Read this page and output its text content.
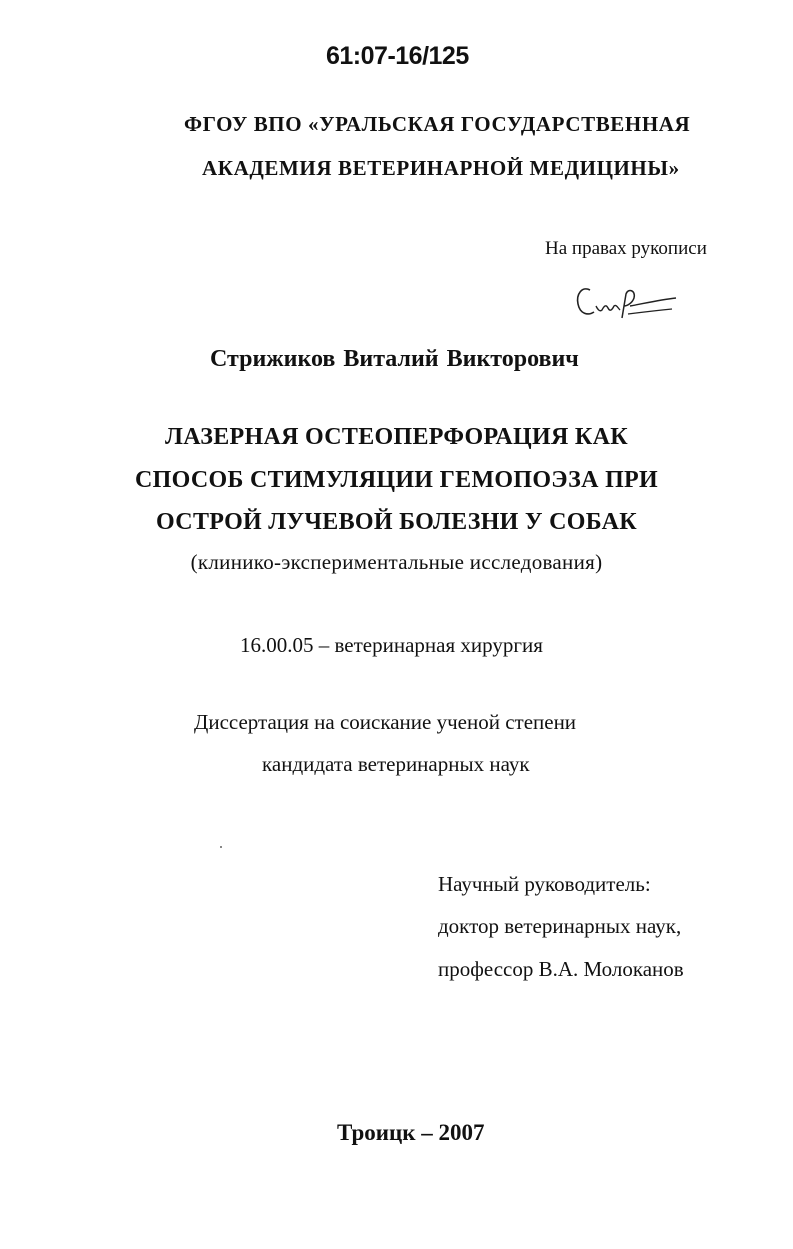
61:07-16/125
ФГОУ ВПО «УРАЛЬСКАЯ ГОСУДАРСТВЕННАЯ
АКАДЕМИЯ ВЕТЕРИНАРНОЙ МЕДИЦИНЫ»
На правах рукописи
Стрижиков Виталий Викторович
ЛАЗЕРНАЯ ОСТЕОПЕРФОРАЦИЯ КАК
СПОСОБ СТИМУЛЯЦИИ ГЕМОПОЭЗА ПРИ
ОСТРОЙ ЛУЧЕВОЙ БОЛЕЗНИ У СОБАК
(клинико-экспериментальные исследования)
16.00.05 – ветеринарная хирургия
Диссертация на соискание ученой степени
кандидата ветеринарных наук
Научный руководитель:
доктор ветеринарных наук,
профессор В.А. Молоканов
Троицк – 2007
